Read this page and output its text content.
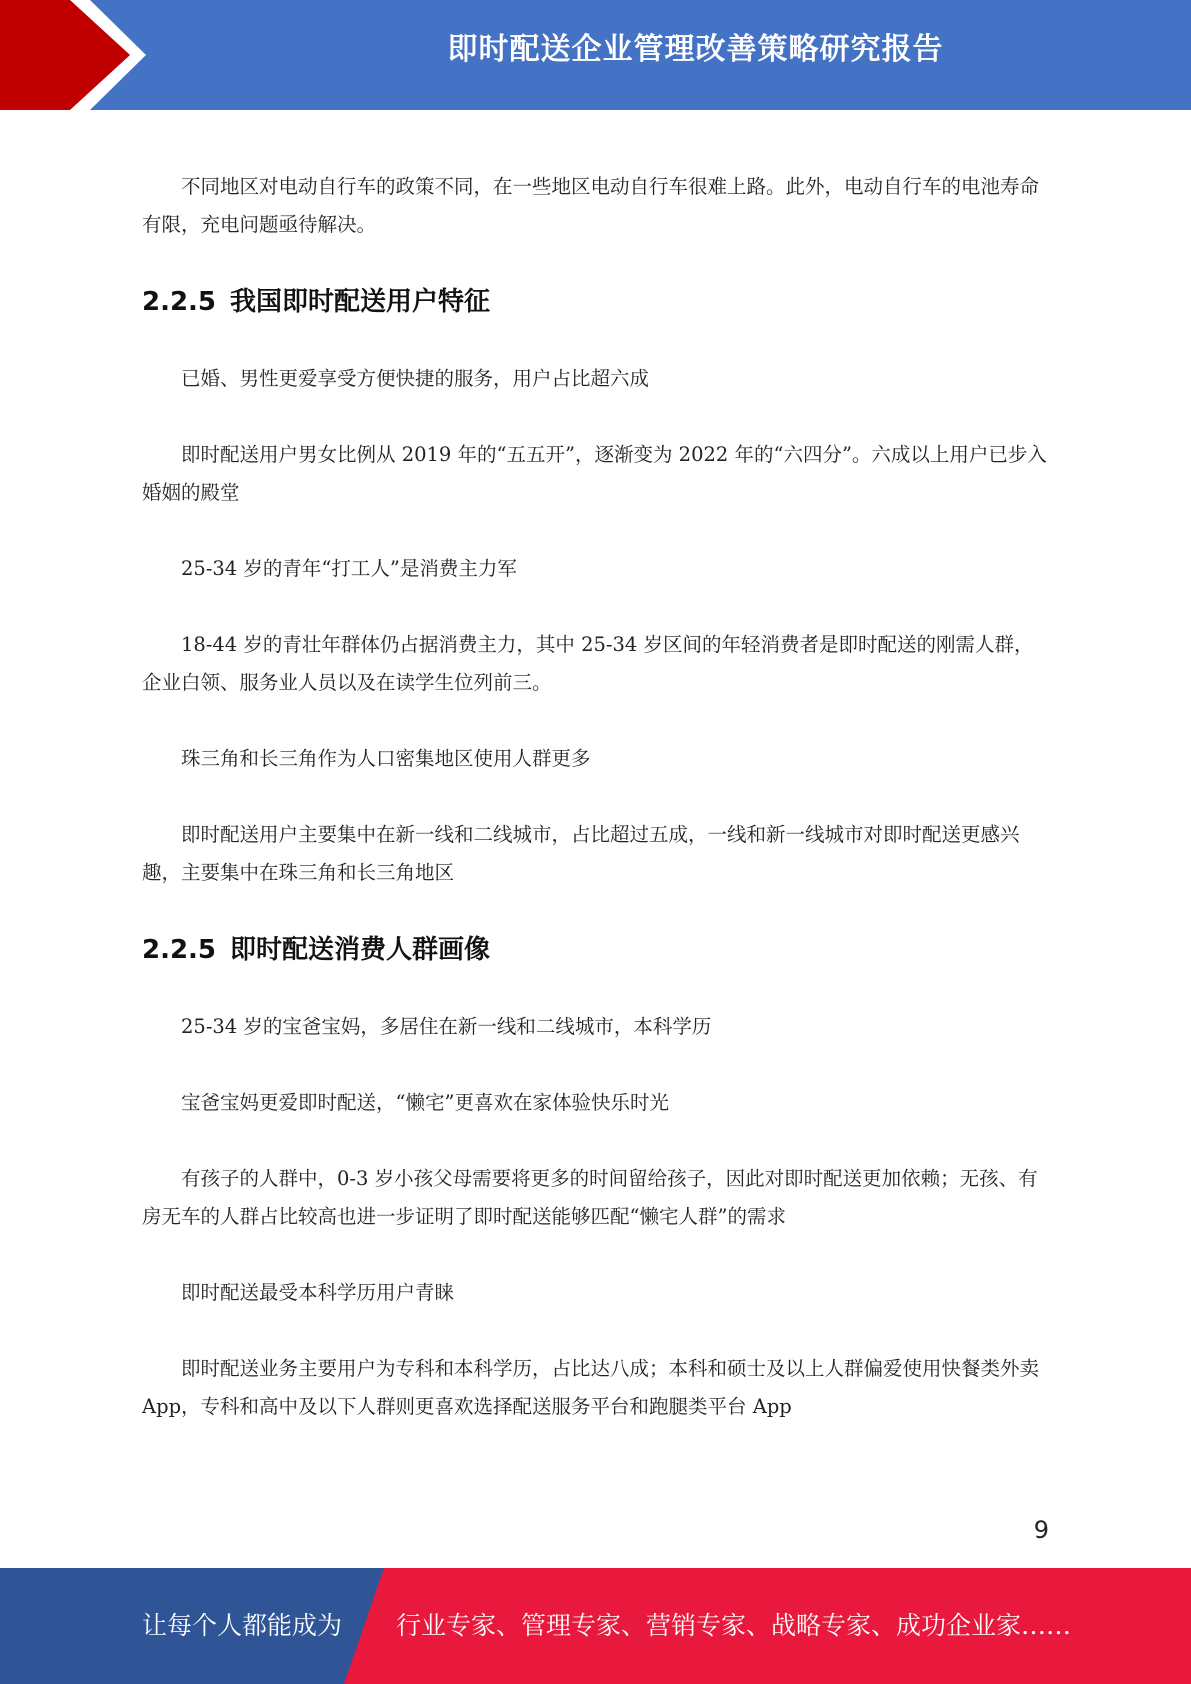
即时配送企业管理改善策略研究报告

不同地区对电动自行车的政策不同，在一些地区电动自行车很难上路。此外，电动自行车的电池寿命有限，充电问题亟待解决。

2.2.5 我国即时配送用户特征

已婚、男性更爱享受方便快捷的服务，用户占比超六成

即时配送用户男女比例从 2019 年的“五五开”，逐渐变为 2022 年的“六四分”。六成以上用户已步入婚姻的殿堂

25-34 岁的青年“打工人”是消费主力军

18-44 岁的青壮年群体仍占据消费主力，其中 25-34 岁区间的年轻消费者是即时配送的刚需人群，企业白领、服务业人员以及在读学生位列前三。

珠三角和长三角作为人口密集地区使用人群更多

即时配送用户主要集中在新一线和二线城市，占比超过五成，一线和新一线城市对即时配送更感兴趣，主要集中在珠三角和长三角地区

2.2.5 即时配送消费人群画像

25-34 岁的宝爸宝妈，多居住在新一线和二线城市，本科学历

宝爸宝妈更爱即时配送，“懒宅”更喜欢在家体验快乐时光

有孩子的人群中，0-3 岁小孩父母需要将更多的时间留给孩子，因此对即时配送更加依赖；无孩、有房无车的人群占比较高也进一步证明了即时配送能够匹配“懒宅人群”的需求

即时配送最受本科学历用户青睐

即时配送业务主要用户为专科和本科学历，占比达八成；本科和硕士及以上人群偏爱使用快餐类外卖 App，专科和高中及以下人群则更喜欢选择配送服务平台和跑腿类平台 App

9
让每个人都能成为 行业专家、管理专家、营销专家、战略专家、成功企业家……
